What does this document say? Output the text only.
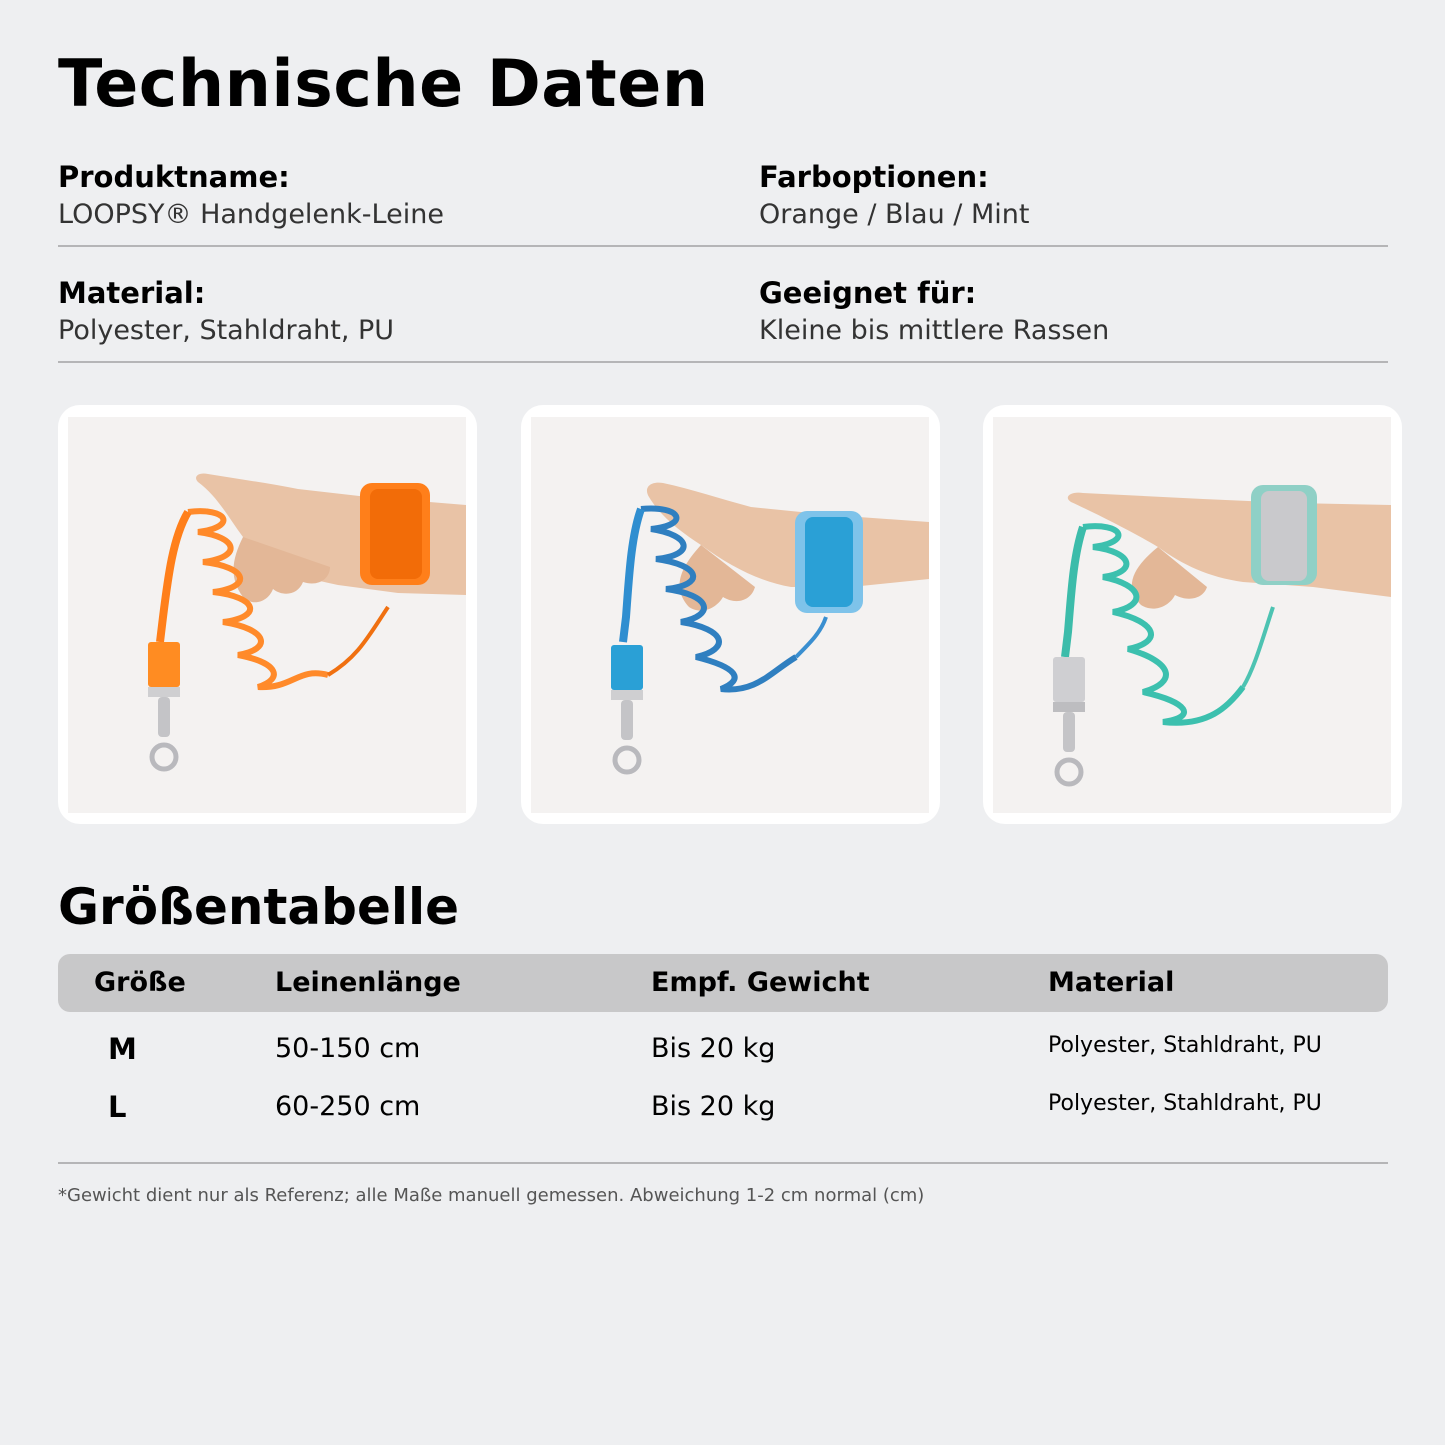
Technische Daten
Produktname:
LOOPSY® Handgelenk-Leine
Farboptionen:
Orange / Blau / Mint
Material:
Polyester, Stahldraht, PU
Geeignet für:
Kleine bis mittlere Rassen
Größentabelle
Größe	Leinenlänge	Empf. Gewicht	Material
M	50-150 cm	Bis 20 kg	Polyester, Stahldraht, PU
L	60-250 cm	Bis 20 kg	Polyester, Stahldraht, PU
*Gewicht dient nur als Referenz; alle Maße manuell gemessen. Abweichung 1-2 cm normal (cm)
